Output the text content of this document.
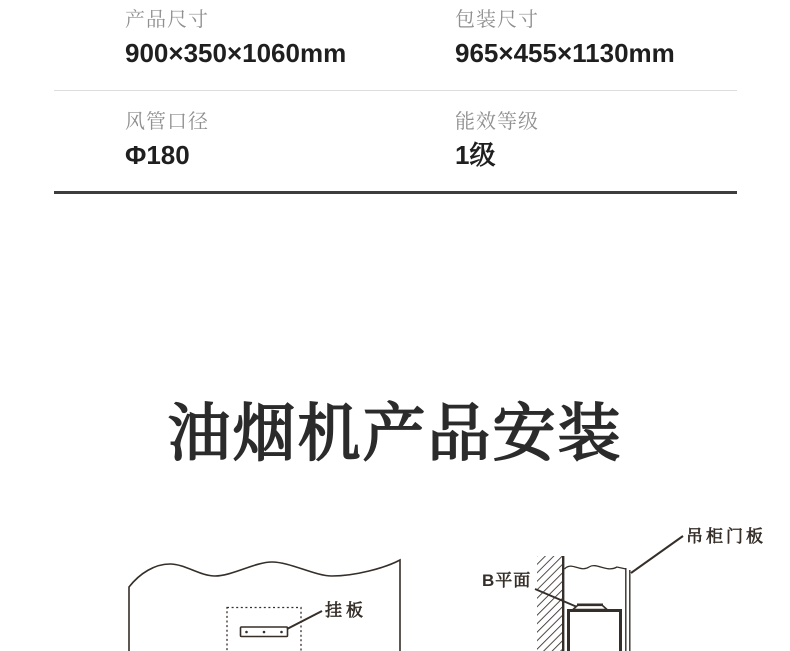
产品尺寸
900×350×1060mm
包装尺寸
965×455×1130mm
风管口径
Φ180
能效等级
1级
油烟机产品安装
挂板
B平面
吊柜门板
